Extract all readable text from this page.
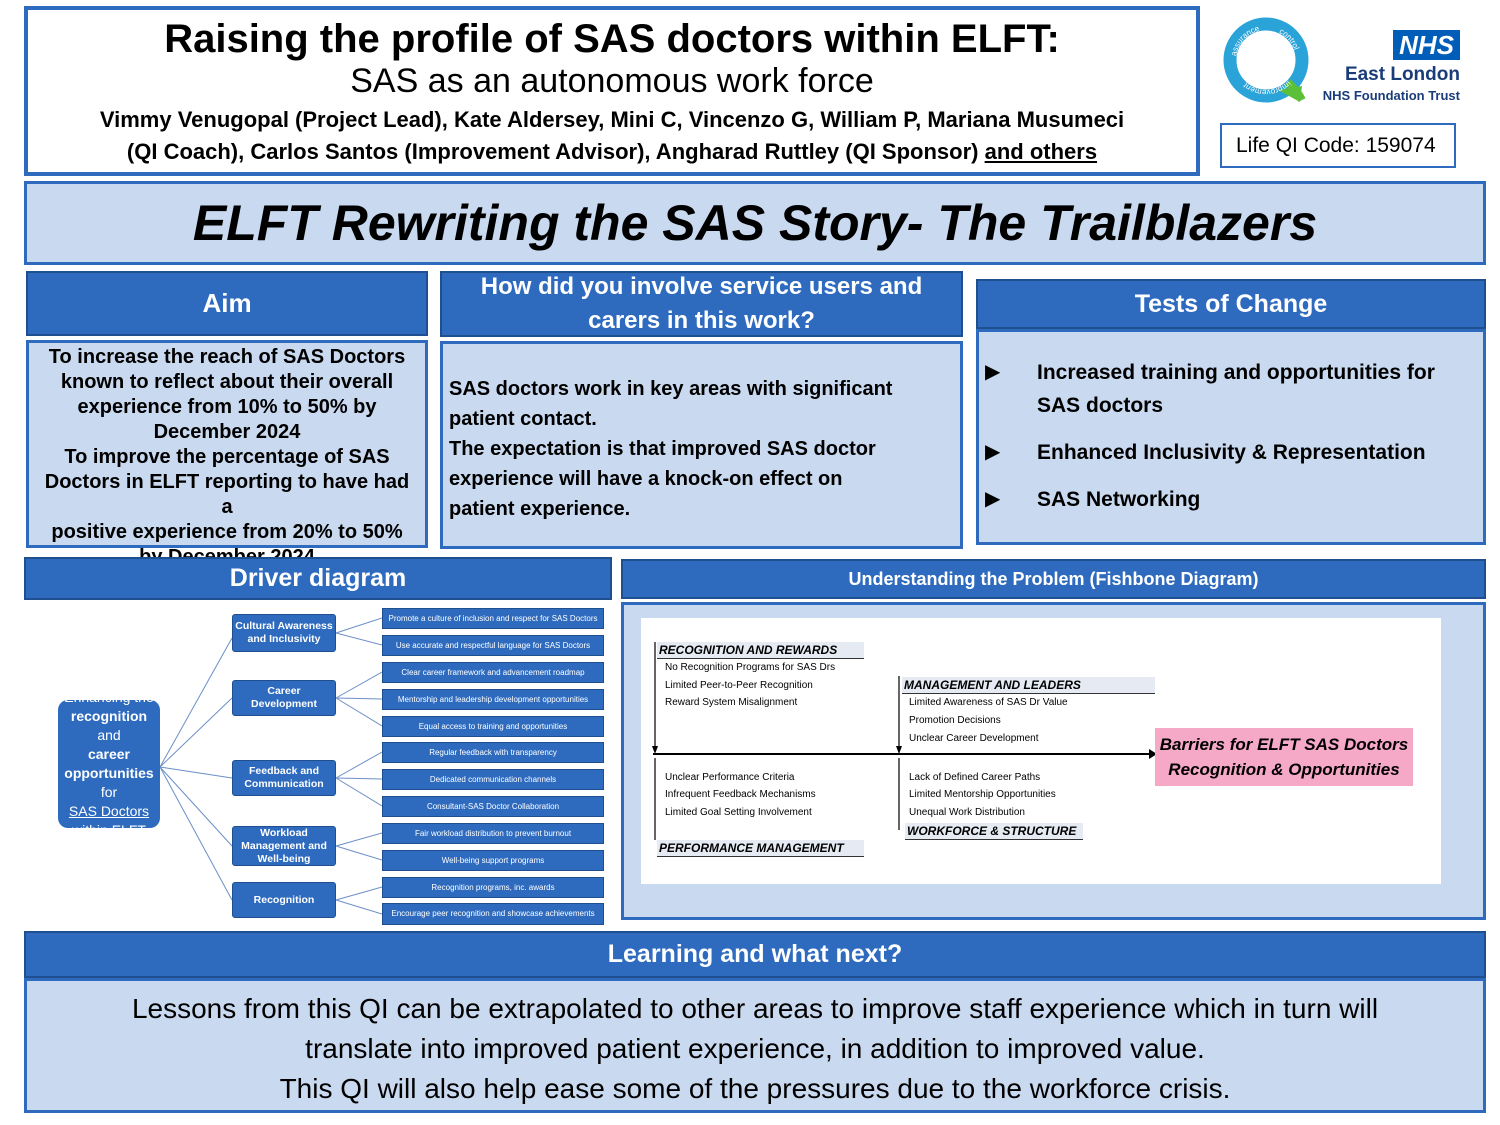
Raising the profile of SAS doctors within ELFT:
SAS as an autonomous work force
Vimmy Venugopal (Project Lead), Kate Aldersey, Mini C, Vincenzo G, William P, Mariana Musumeci
(QI Coach), Carlos Santos (Improvement Advisor), Angharad Ruttley (QI Sponsor) and others
assurance control
improvement
NHS
East London
NHS Foundation Trust
Life QI Code: 159074
ELFT Rewriting the SAS Story- The Trailblazers
Aim
To increase the reach of SAS Doctors
known to reflect about their overall
experience from 10% to 50% by
December 2024
To improve the percentage of SAS
Doctors in ELFT reporting to have had a
positive experience from 20% to 50%
How did you involve service users and carers in this work?
SAS doctors work in key areas with significant
patient contact.
The expectation is that improved SAS doctor
experience will have a knock-on effect on
patient experience.
Tests of Change
▶	Increased training and opportunities for SAS doctors
▶	Enhanced Inclusivity & Representation
▶	SAS Networking
Driver diagram
Enhancing the
recognition and
career
opportunities for
SAS Doctors
within ELFT
Cultural Awareness and Inclusivity
Career Development
Feedback and Communication
Workload Management and Well-being
Recognition
Promote a culture of inclusion and respect for SAS Doctors
Use accurate and respectful language for SAS Doctors
Clear career framework and advancement roadmap
Mentorship and leadership development opportunities
Equal access to training and opportunities
Regular feedback with transparency
Dedicated communication channels
Consultant-SAS Doctor Collaboration
Fair workload distribution to prevent burnout
Well-being support programs
Recognition programs, inc. awards
Encourage peer recognition and showcase achievements
Understanding the Problem (Fishbone Diagram)
RECOGNITION AND REWARDS
No Recognition Programs for SAS Drs
Limited Peer-to-Peer Recognition
Reward System Misalignment
MANAGEMENT AND LEADERS
Limited Awareness of SAS Dr Value
Promotion Decisions
Unclear Career Development
Unclear Performance Criteria
Infrequent Feedback Mechanisms
Limited Goal Setting Involvement
PERFORMANCE MANAGEMENT
Lack of Defined Career Paths
Limited Mentorship Opportunities
Unequal Work Distribution
WORKFORCE & STRUCTURE
Barriers for ELFT SAS Doctors
Recognition & Opportunities
Learning and what next?
Lessons from this QI can be extrapolated to other areas to improve staff experience which in turn will
translate into improved patient experience, in addition to improved value.
This QI will also help ease some of the pressures due to the workforce crisis.
